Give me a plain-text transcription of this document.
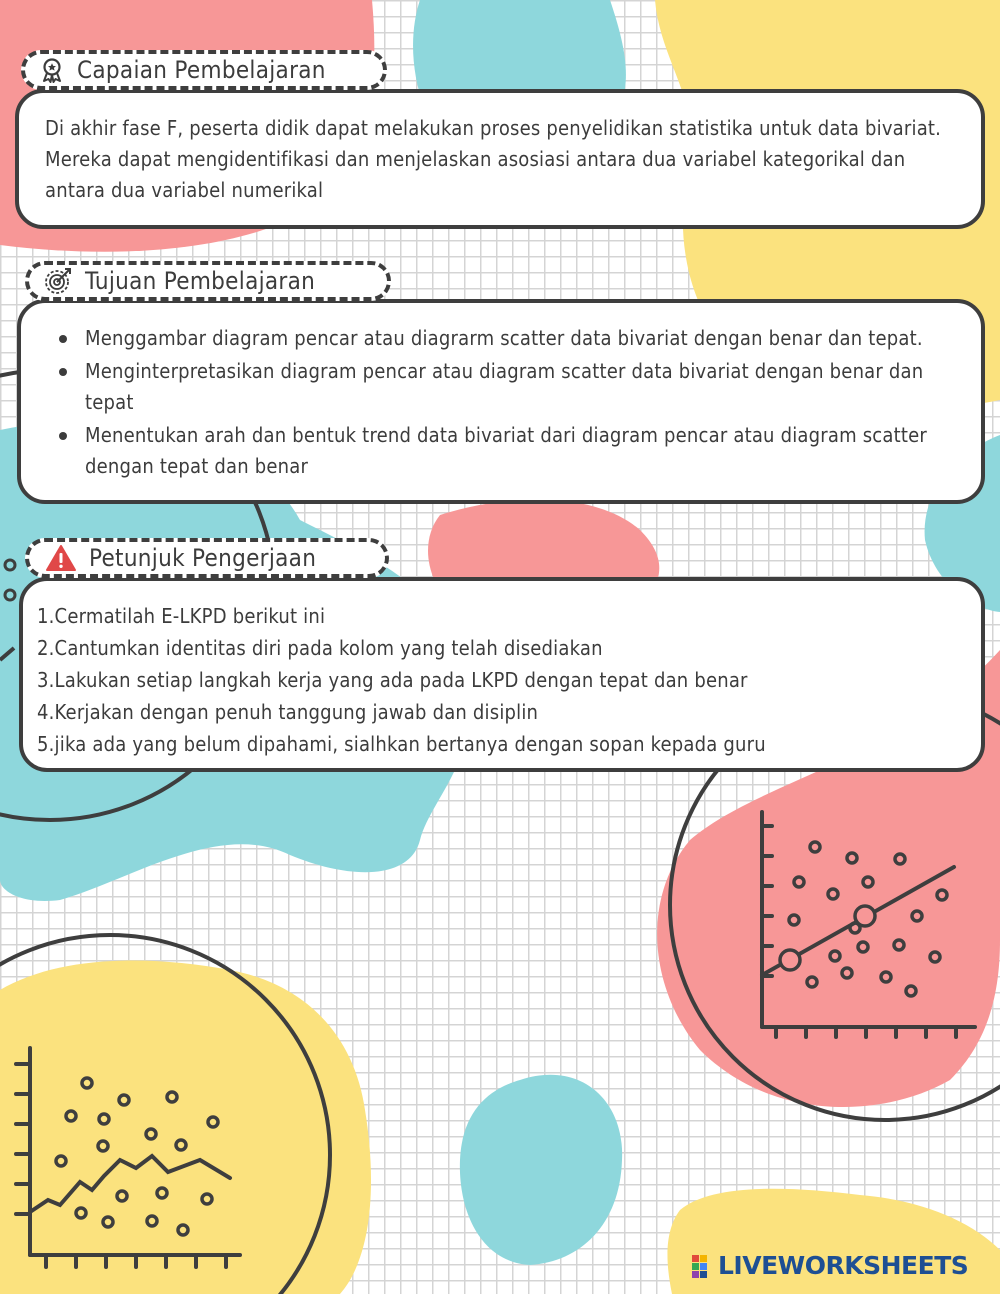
Di akhir fase F, peserta didik dapat melakukan proses penyelidikan statistika untuk data bivariat. Mereka dapat mengidentifikasi dan menjelaskan asosiasi antara dua variabel kategorikal dan antara dua variabel numerikal

Capaian Pembelajaran
Menggambar diagram pencar atau diagrarm scatter data bivariat dengan benar dan tepat.
Menginterpretasikan diagram pencar atau diagram scatter data bivariat dengan benar dan tepat
Menentukan arah dan bentuk trend data bivariat dari diagram pencar atau diagram scatter dengan tepat dan benar
Tujuan Pembelajaran
1.Cermatilah E-LKPD berikut ini
2.Cantumkan identitas diri pada kolom yang telah disediakan
3.Lakukan setiap langkah kerja yang ada pada LKPD dengan tepat dan benar
4.Kerjakan dengan penuh tanggung jawab dan disiplin
5.jika ada yang belum dipahami, sialhkan bertanya dengan sopan kepada guru
Petunjuk Pengerjaan
LIVEWORKSHEETS
